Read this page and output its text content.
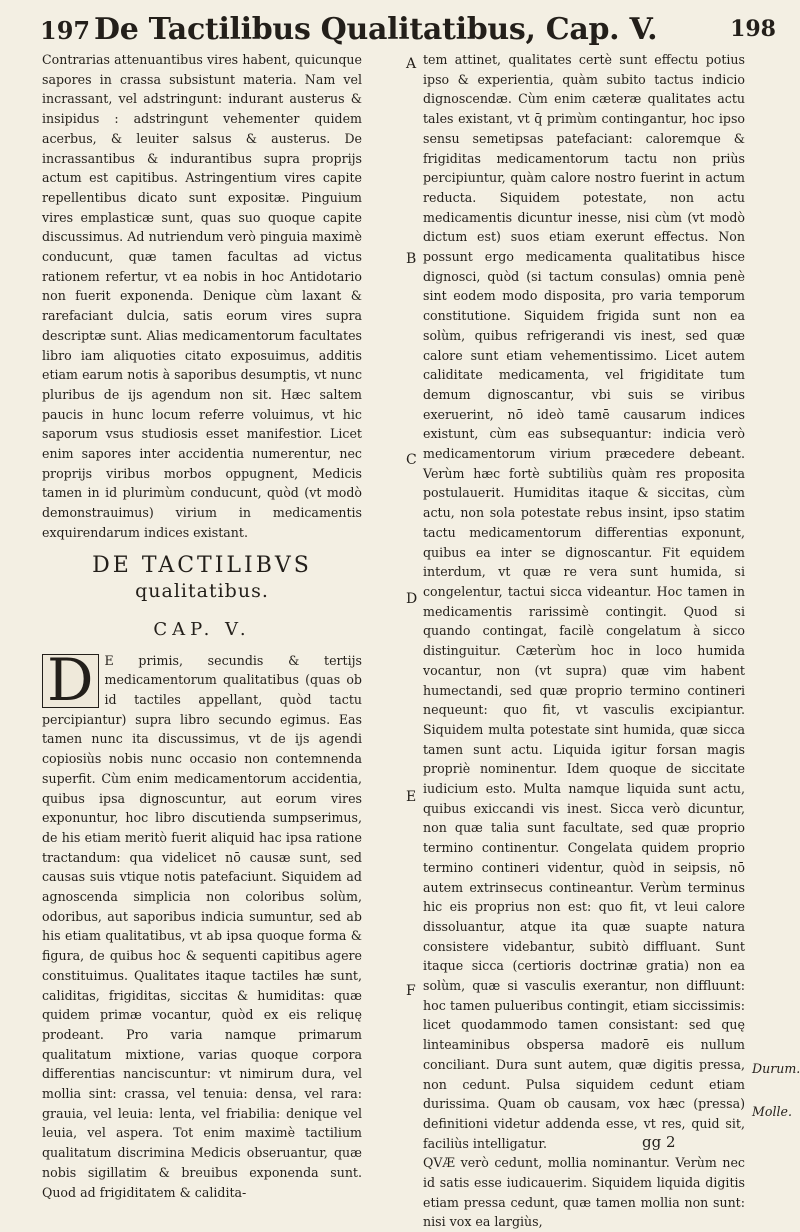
197 De Tactilibus Qualitatibus, Cap. V.	198

Contrarias attenuantibus vires habent, quicunque sapores in crassa subsistunt materia. Nam vel incrassant, vel adstringunt: indurant austerus & insipidus : adstringunt vehementer quidem acerbus, & leuiter salsus & austerus. De incrassantibus & indurantibus supra proprijs actum est capitibus. Astringentium vires capite repellentibus dicato sunt expositæ. Pinguium vires emplasticæ sunt, quas suo quoque capite discussimus. Ad nutriendum verò pinguia maximè conducunt, quæ tamen facultas ad victus rationem refertur, vt ea nobis in hoc Antidotario non fuerit exponenda. Denique cùm laxant & rarefaciant dulcia, satis eorum vires supra descriptæ sunt. Alias medicamentorum facultates libro iam aliquoties citato exposuimus, additis etiam earum notis à saporibus desumptis, vt nunc pluribus de ijs agendum non sit. Hæc saltem paucis in hunc locum referre voluimus, vt hic saporum vsus studiosis esset manifestior. Licet enim sapores inter accidentia numerentur, nec proprijs viribus morbos oppugnent, Medicis tamen in id plurimùm conducunt, quòd (vt modò demonstrauimus) virium in medicamentis exquirendarum indices existant.

DE TACTILIBVS
qualitatibus.
CAP. V.

D E primis, secundis & tertijs medicamentorum qualitatibus (quas ob id tactiles appellant, quòd tactu percipiantur) supra libro secundo egimus. Eas tamen nunc ita discussimus, vt de ijs agendi copiosiùs nobis nunc occasio non contemnenda superfit. Cùm enim medicamentorum accidentia, quibus ipsa dignoscuntur, aut eorum vires exponuntur, hoc libro discutienda sumpserimus, de his etiam meritò fuerit aliquid hac ipsa ratione tractandum: qua videlicet nō causæ sunt, sed causas suis vtique notis patefaciunt. Siquidem ad agnoscenda simplicia non coloribus solùm, odoribus, aut saporibus indicia sumuntur, sed ab his etiam qualitatibus, vt ab ipsa quoque forma & figura, de quibus hoc & sequenti capitibus agere constituimus. Qualitates itaque tactiles hæ sunt, caliditas, frigiditas, siccitas & humiditas: quæ quidem primæ vocantur, quòd ex eis reliquę prodeant. Pro varia namque primarum qualitatum mixtione, varias quoque corpora differentias nanciscuntur: vt nimirum dura, vel mollia sint: crassa, vel tenuia: densa, vel rara: grauia, vel leuia: lenta, vel friabilia: denique vel leuia, vel aspera. Tot enim maximè tactilium qualitatum discrimina Medicis obseruantur, quæ nobis sigillatim & breuibus exponenda sunt. Quod ad frigiditatem & calidita-

tem attinet, qualitates certè sunt effectu potius ipso & experientia, quàm subito tactus indicio dignoscendæ. Cùm enim cæteræ qualitates actu tales existant, vt q̄ primùm contingantur, hoc ipso sensu semetipsas patefaciant: caloremque & frigiditas medicamentorum tactu non priùs percipiuntur, quàm calore nostro fuerint in actum reducta. Siquidem potestate, non actu medicamentis dicuntur inesse, nisi cùm (vt modò dictum est) suos etiam exerunt effectus. Non possunt ergo medicamenta qualitatibus hisce dignosci, quòd (si tactum consulas) omnia penè sint eodem modo disposita, pro varia temporum constitutione. Siquidem frigida sunt non ea solùm, quibus refrigerandi vis inest, sed quæ calore sunt etiam vehementissimo. Licet autem caliditate medicamenta, vel frigiditate tum demum dignoscantur, vbi suis se viribus exeruerint, nō ideò tamē causarum indices existunt, cùm eas subsequantur: indicia verò medicamentorum virium præcedere debeant. Verùm hæc fortè subtiliùs quàm res proposita postulauerit. Humiditas itaque & siccitas, cùm actu, non sola potestate rebus insint, ipso statim tactu medicamentorum differentias exponunt, quibus ea inter se dignoscantur. Fit equidem interdum, vt quæ re vera sunt humida, si congelentur, tactui sicca videantur. Hoc tamen in medicamentis rarissimè contingit. Quod si quando contingat, facilè congelatum à sicco distinguitur. Cæterùm hoc in loco humida vocantur, non (vt supra) quæ vim habent humectandi, sed quæ proprio termino contineri nequeunt: quo fit, vt vasculis excipiantur. Siquidem multa potestate sint humida, quæ sicca tamen sunt actu. Liquida igitur forsan magis propriè nominentur. Idem quoque de siccitate iudicium esto. Multa namque liquida sunt actu, quibus exiccandi vis inest. Sicca verò dicuntur, non quæ talia sunt facultate, sed quæ proprio termino continentur. Congelata quidem proprio termino contineri videntur, quòd in seipsis, nō autem extrinsecus contineantur. Verùm terminus hic eis proprius non est: quo fit, vt leui calore dissoluantur, atque ita quæ suapte natura consistere videbantur, subitò diffluant. Sunt itaque sicca (certioris doctrinæ gratia) non ea solùm, quæ si vasculis exerantur, non diffluunt: hoc tamen pulueribus contingit, etiam siccissimis: licet quodammodo tamen consistant: sed quę linteaminibus obspersa madorē eis nullum conciliant. Dura sunt autem, quæ digitis pressa, non cedunt. Pulsa siquidem cedunt etiam durissima. Quam ob causam, vox hæc (pressa) definitioni videtur addenda esse, vt res, quid sit, faciliùs intelligatur.

QVÆ verò cedunt, mollia nominantur. Verùm nec id satis esse iudicauerim. Siquidem liquida digitis etiam pressa cedunt, quæ tamen mollia non sunt: nisi vox ea largiùs,

A
B
C
D
E
F
Durum.
Molle.
gg 2
